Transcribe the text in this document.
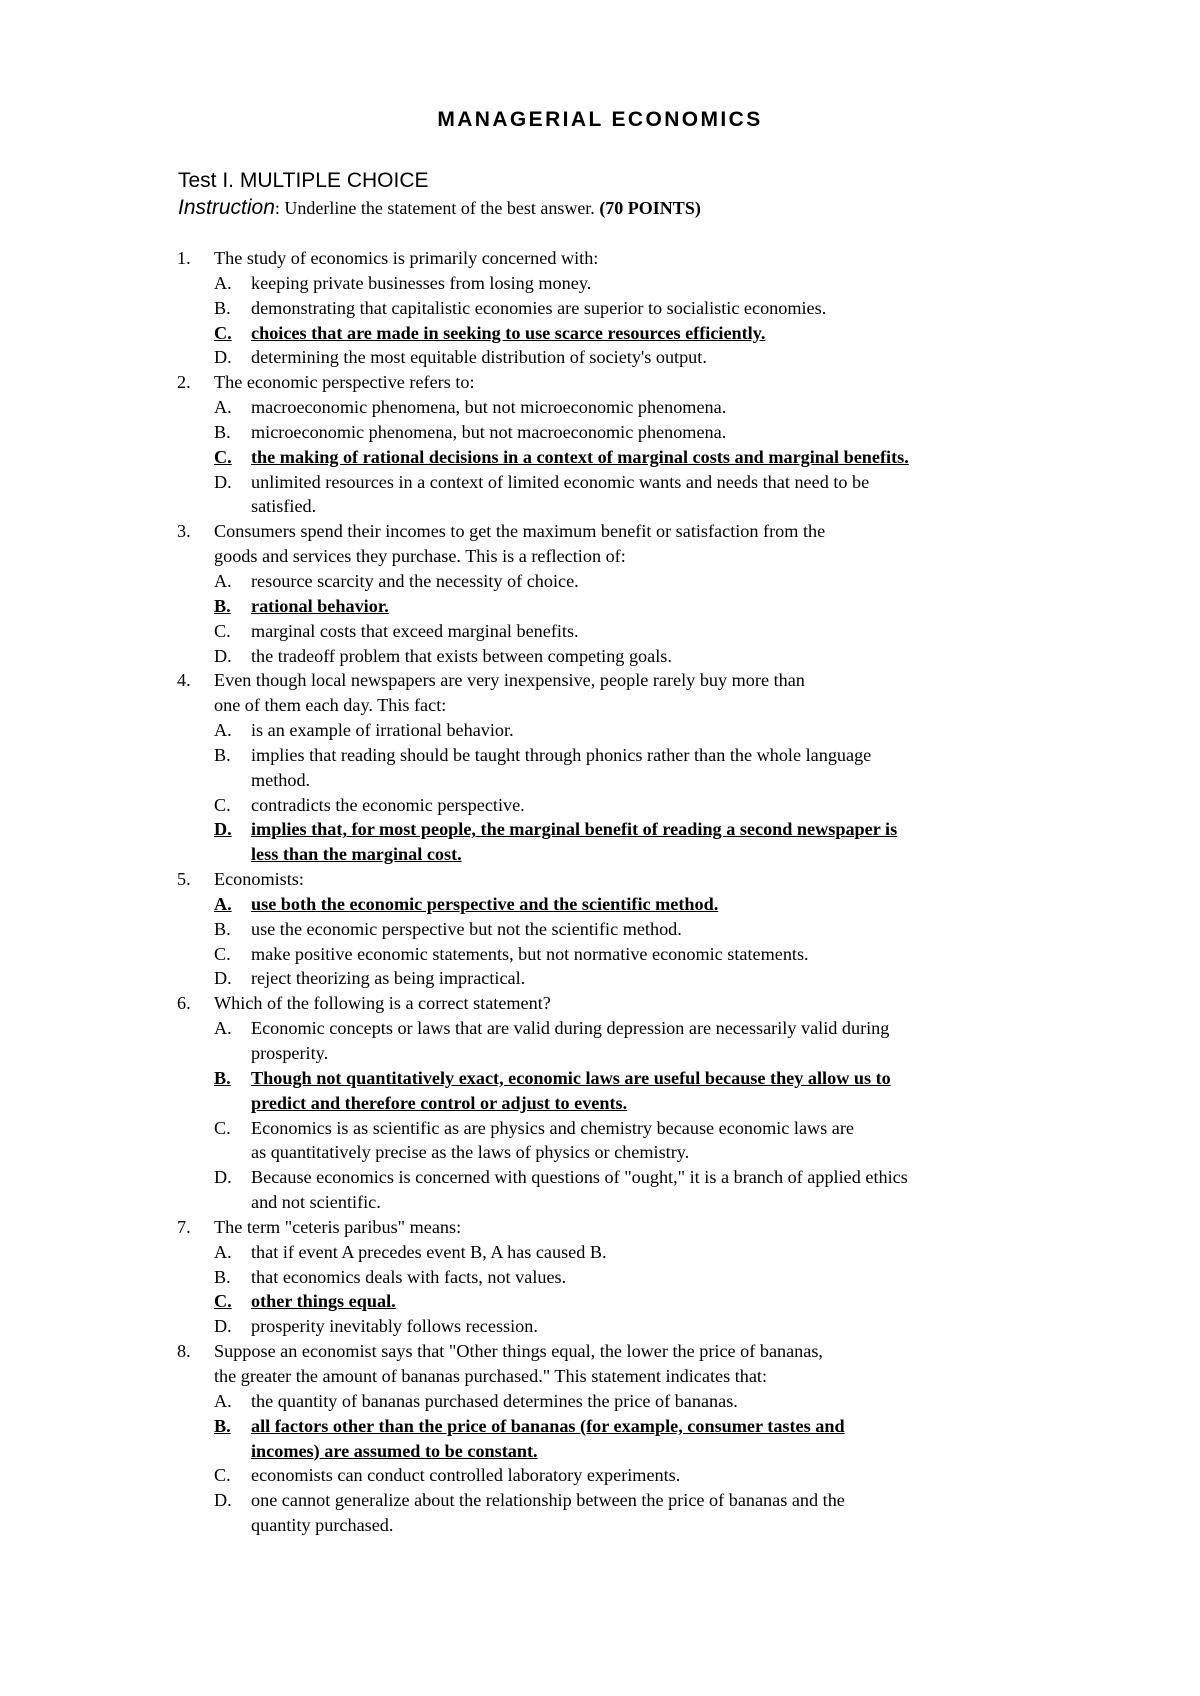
MANAGERIAL ECONOMICS
Test I. MULTIPLE CHOICE
Instruction: Underline the statement of the best answer. (70 POINTS)
1. The study of economics is primarily concerned with:
A. keeping private businesses from losing money.
B. demonstrating that capitalistic economies are superior to socialistic economies.
C. choices that are made in seeking to use scarce resources efficiently.
D. determining the most equitable distribution of society's output.
2. The economic perspective refers to:
A. macroeconomic phenomena, but not microeconomic phenomena.
B. microeconomic phenomena, but not macroeconomic phenomena.
C. the making of rational decisions in a context of marginal costs and marginal benefits.
D. unlimited resources in a context of limited economic wants and needs that need to be
satisfied.
3. Consumers spend their incomes to get the maximum benefit or satisfaction from the
goods and services they purchase. This is a reflection of:
A. resource scarcity and the necessity of choice.
B. rational behavior.
C. marginal costs that exceed marginal benefits.
D. the tradeoff problem that exists between competing goals.
4. Even though local newspapers are very inexpensive, people rarely buy more than
one of them each day. This fact:
A. is an example of irrational behavior.
B. implies that reading should be taught through phonics rather than the whole language
method.
C. contradicts the economic perspective.
D. implies that, for most people, the marginal benefit of reading a second newspaper is
less than the marginal cost.
5. Economists:
A. use both the economic perspective and the scientific method.
B. use the economic perspective but not the scientific method.
C. make positive economic statements, but not normative economic statements.
D. reject theorizing as being impractical.
6. Which of the following is a correct statement?
A. Economic concepts or laws that are valid during depression are necessarily valid during
prosperity.
B. Though not quantitatively exact, economic laws are useful because they allow us to
predict and therefore control or adjust to events.
C. Economics is as scientific as are physics and chemistry because economic laws are
as quantitatively precise as the laws of physics or chemistry.
D. Because economics is concerned with questions of "ought," it is a branch of applied ethics
and not scientific.
7. The term "ceteris paribus" means:
A. that if event A precedes event B, A has caused B.
B. that economics deals with facts, not values.
C. other things equal.
D. prosperity inevitably follows recession.
8. Suppose an economist says that "Other things equal, the lower the price of bananas,
the greater the amount of bananas purchased." This statement indicates that:
A. the quantity of bananas purchased determines the price of bananas.
B. all factors other than the price of bananas (for example, consumer tastes and
incomes) are assumed to be constant.
C. economists can conduct controlled laboratory experiments.
D. one cannot generalize about the relationship between the price of bananas and the
quantity purchased.
